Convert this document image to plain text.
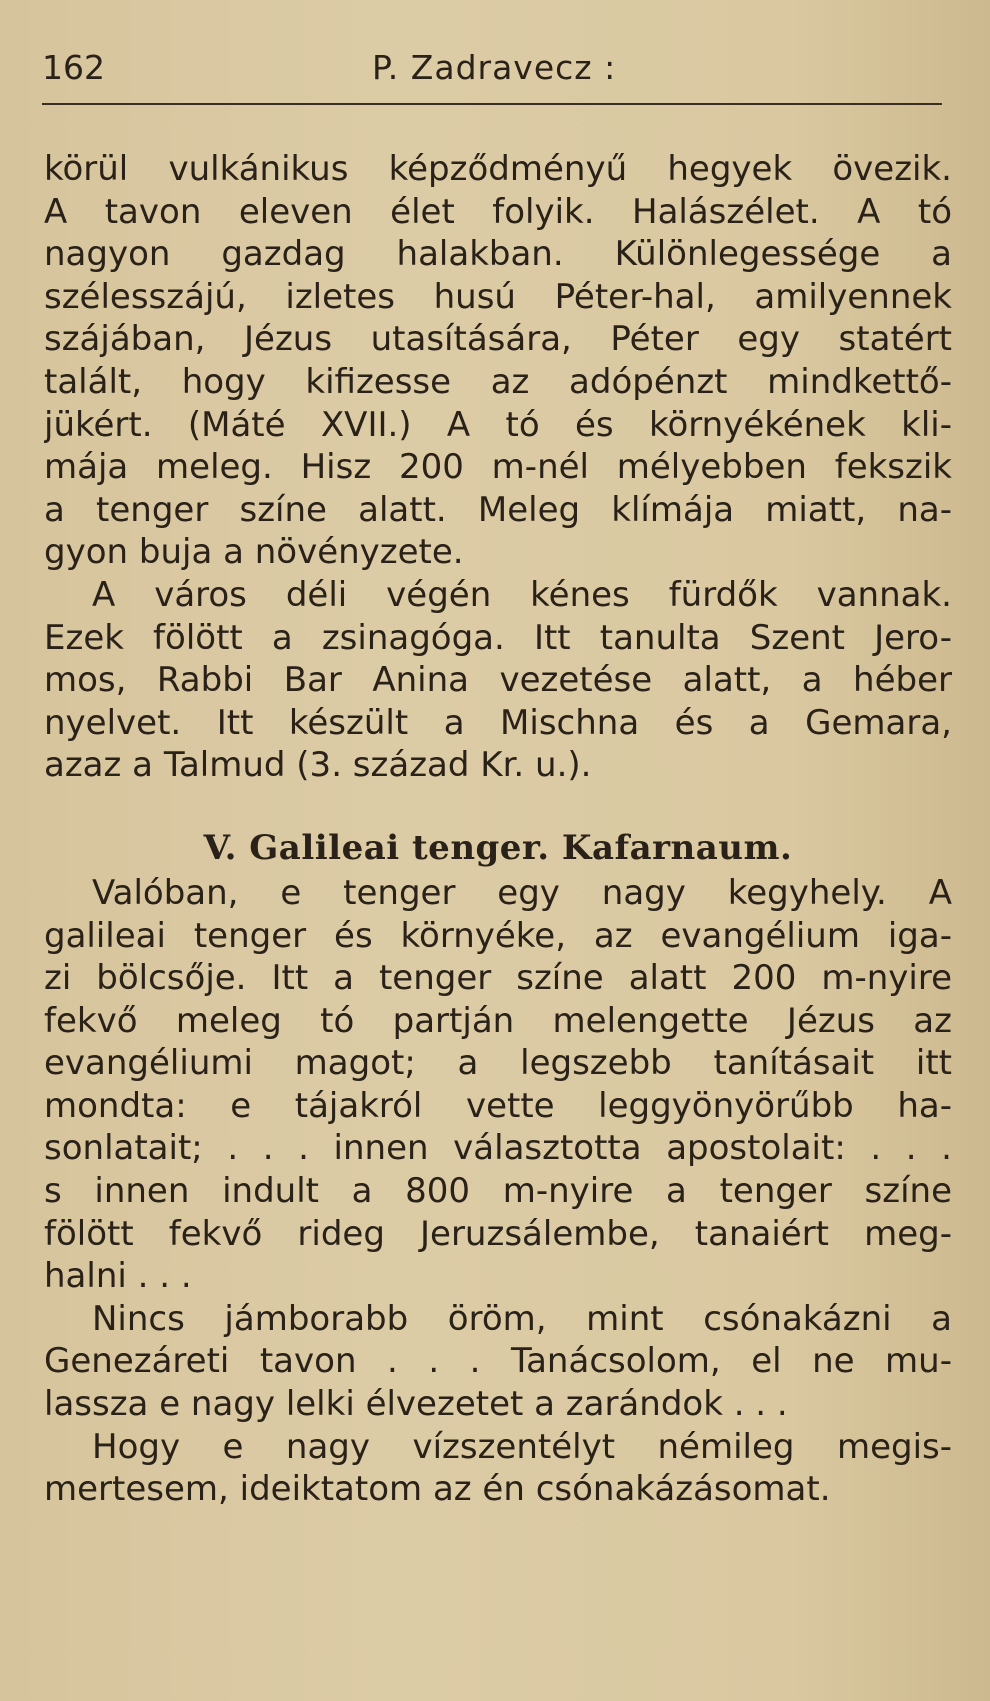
162	P. Zadravecz :
körül vulkánikus képződményű hegyek övezik.
A tavon eleven élet folyik. Halászélet. A tó
nagyon gazdag halakban. Különlegessége a
szélesszájú, izletes husú Péter-hal, amilyennek
szájában, Jézus utasítására, Péter egy statért
talált, hogy kifizesse az adópénzt mindkettő-
jükért. (Máté XVII.) A tó és környékének kli-
mája meleg. Hisz 200 m-nél mélyebben fekszik
a tenger színe alatt. Meleg klímája miatt, na-
gyon buja a növényzete.
A város déli végén kénes fürdők vannak.
Ezek fölött a zsinagóga. Itt tanulta Szent Jero-
mos, Rabbi Bar Anina vezetése alatt, a héber
nyelvet. Itt készült a Mischna és a Gemara,
azaz a Talmud (3. század Kr. u.).
V. Galileai tenger. Kafarnaum.
Valóban, e tenger egy nagy kegyhely. A
galileai tenger és környéke, az evangélium iga-
zi bölcsője. Itt a tenger színe alatt 200 m-nyire
fekvő meleg tó partján melengette Jézus az
evangéliumi magot; a legszebb tanításait itt
mondta: e tájakról vette leggyönyörűbb ha-
sonlatait; . . . innen választotta apostolait: . . .
s innen indult a 800 m-nyire a tenger színe
fölött fekvő rideg Jeruzsálembe, tanaiért meg-
halni . . .
Nincs jámborabb öröm, mint csónakázni a
Genezáreti tavon . . . Tanácsolom, el ne mu-
lassza e nagy lelki élvezetet a zarándok . . .
Hogy e nagy vízszentélyt némileg megis-
mertesem, ideiktatom az én csónakázásomat.
